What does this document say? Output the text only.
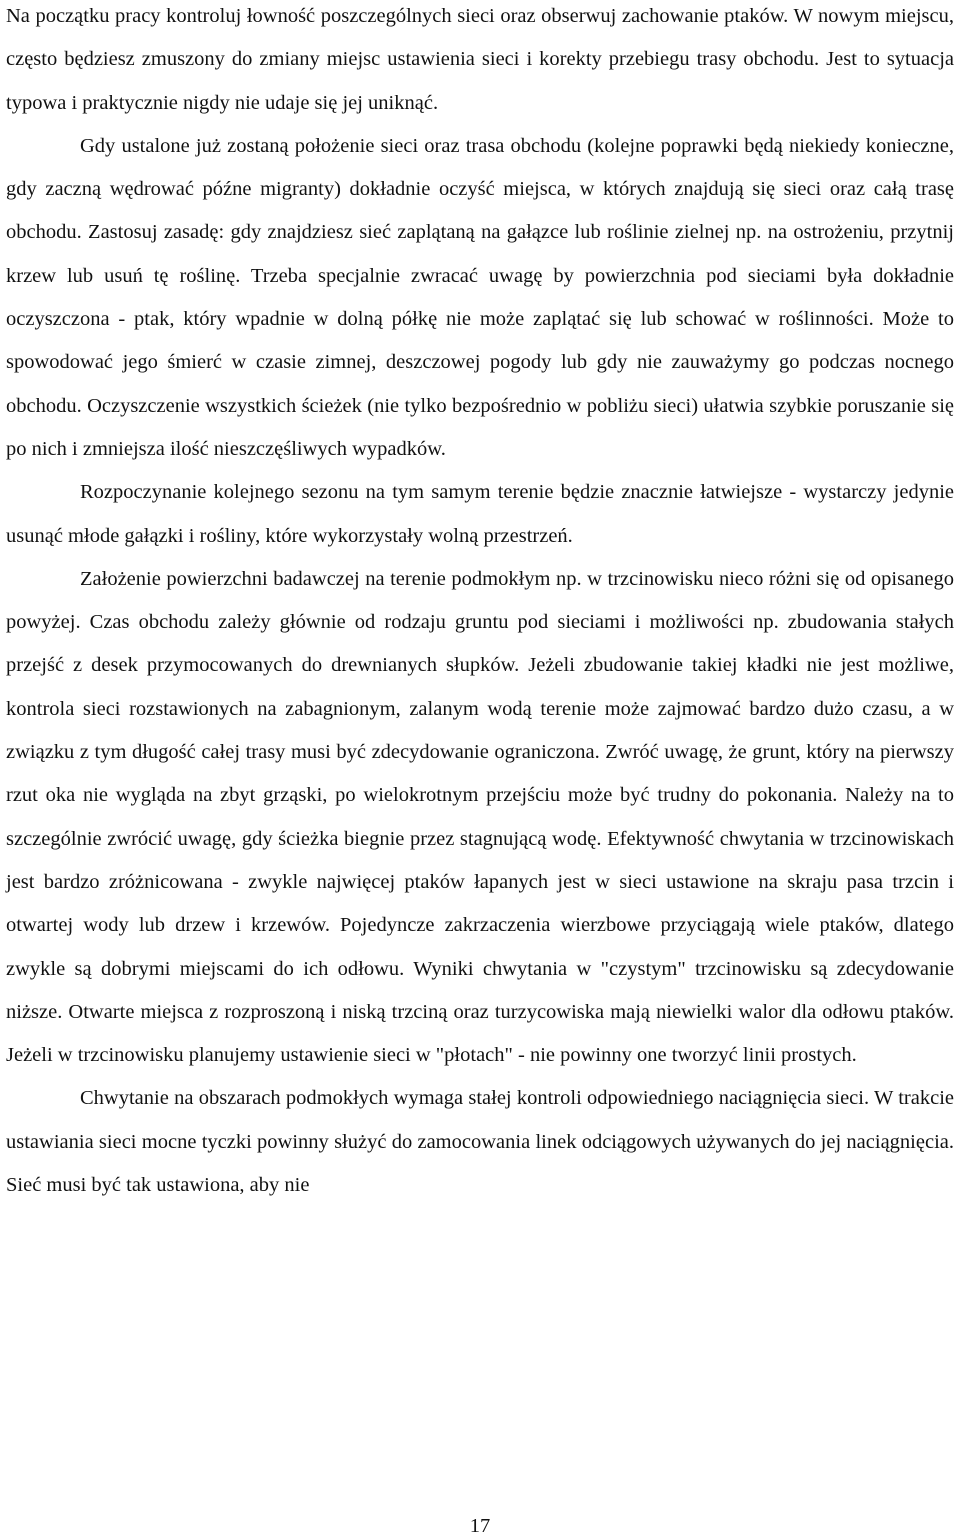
Na początku pracy kontroluj łowność poszczególnych sieci oraz obserwuj zachowanie ptaków. W nowym miejscu, często będziesz zmuszony do zmiany miejsc ustawienia sieci i korekty przebiegu trasy obchodu. Jest to sytuacja typowa i praktycznie nigdy nie udaje się jej uniknąć.

Gdy ustalone już zostaną położenie sieci oraz trasa obchodu (kolejne poprawki będą niekiedy konieczne, gdy zaczną wędrować późne migranty) dokładnie oczyść miejsca, w których znajdują się sieci oraz całą trasę obchodu. Zastosuj zasadę: gdy znajdziesz sieć zaplątaną na gałązce lub roślinie zielnej np. na ostrożeniu, przytnij krzew lub usuń tę roślinę. Trzeba specjalnie zwracać uwagę by powierzchnia pod sieciami była dokładnie oczyszczona - ptak, który wpadnie w dolną półkę nie może zaplątać się lub schować w roślinności. Może to spowodować jego śmierć w czasie zimnej, deszczowej pogody lub gdy nie zauważymy go podczas nocnego obchodu. Oczyszczenie wszystkich ścieżek (nie tylko bezpośrednio w pobliżu sieci) ułatwia szybkie poruszanie się po nich i zmniejsza ilość nieszczęśliwych wypadków.

Rozpoczynanie kolejnego sezonu na tym samym terenie będzie znacznie łatwiejsze - wystarczy jedynie usunąć młode gałązki i rośliny, które wykorzystały wolną przestrzeń.

Założenie powierzchni badawczej na terenie podmokłym np. w trzcinowisku nieco różni się od opisanego powyżej. Czas obchodu zależy głównie od rodzaju gruntu pod sieciami i możliwości np. zbudowania stałych przejść z desek przymocowanych do drewnianych słupków. Jeżeli zbudowanie takiej kładki nie jest możliwe, kontrola sieci rozstawionych na zabagnionym, zalanym wodą terenie może zajmować bardzo dużo czasu, a w związku z tym długość całej trasy musi być zdecydowanie ograniczona. Zwróć uwagę, że grunt, który na pierwszy rzut oka nie wygląda na zbyt grząski, po wielokrotnym przejściu może być trudny do pokonania. Należy na to szczególnie zwrócić uwagę, gdy ścieżka biegnie przez stagnującą wodę. Efektywność chwytania w trzcinowiskach jest bardzo zróżnicowana - zwykle najwięcej ptaków łapanych jest w sieci ustawione na skraju pasa trzcin i otwartej wody lub drzew i krzewów. Pojedyncze zakrzaczenia wierzbowe przyciągają wiele ptaków, dlatego zwykle są dobrymi miejscami do ich odłowu. Wyniki chwytania w "czystym" trzcinowisku są zdecydowanie niższe. Otwarte miejsca z rozproszoną i niską trzciną oraz turzycowiska mają niewielki walor dla odłowu ptaków. Jeżeli w trzcinowisku planujemy ustawienie sieci w "płotach" - nie powinny one tworzyć linii prostych.

Chwytanie na obszarach podmokłych wymaga stałej kontroli odpowiedniego naciągnięcia sieci. W trakcie ustawiania sieci mocne tyczki powinny służyć do zamocowania linek odciągowych używanych do jej naciągnięcia. Sieć musi być tak ustawiona, aby nie

17
